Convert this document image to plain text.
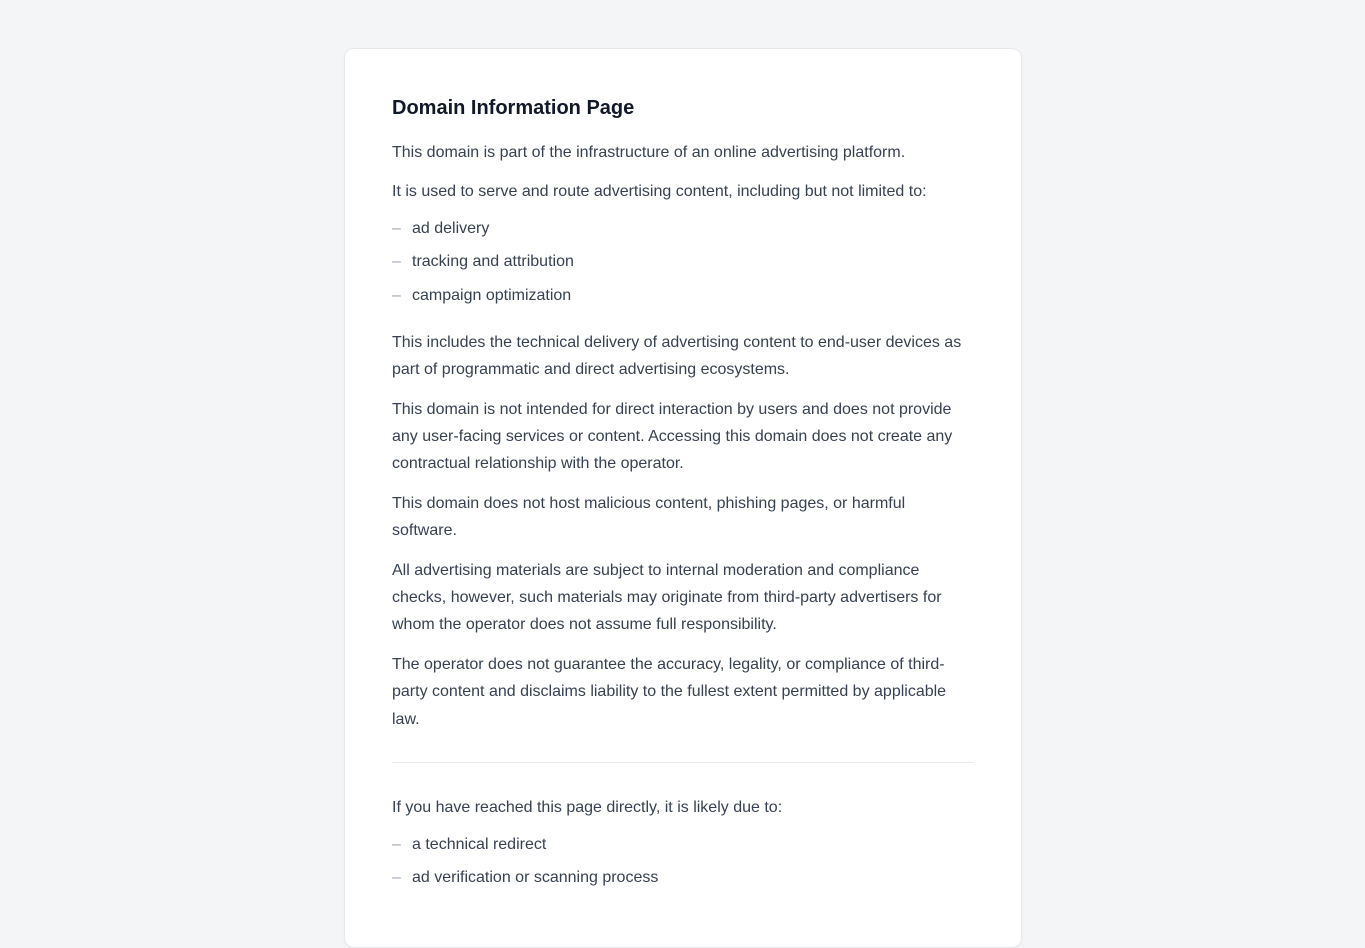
Domain Information Page

This domain is part of the infrastructure of an online advertising platform.

It is used to serve and route advertising content, including but not limited to:

– ad delivery
– tracking and attribution
– campaign optimization

This includes the technical delivery of advertising content to end-user devices as part of programmatic and direct advertising ecosystems.

This domain is not intended for direct interaction by users and does not provide any user-facing services or content. Accessing this domain does not create any contractual relationship with the operator.

This domain does not host malicious content, phishing pages, or harmful software.

All advertising materials are subject to internal moderation and compliance checks, however, such materials may originate from third-party advertisers for whom the operator does not assume full responsibility.

The operator does not guarantee the accuracy, legality, or compliance of third-party content and disclaims liability to the fullest extent permitted by applicable law.

If you have reached this page directly, it is likely due to:

– a technical redirect
– ad verification or scanning process
